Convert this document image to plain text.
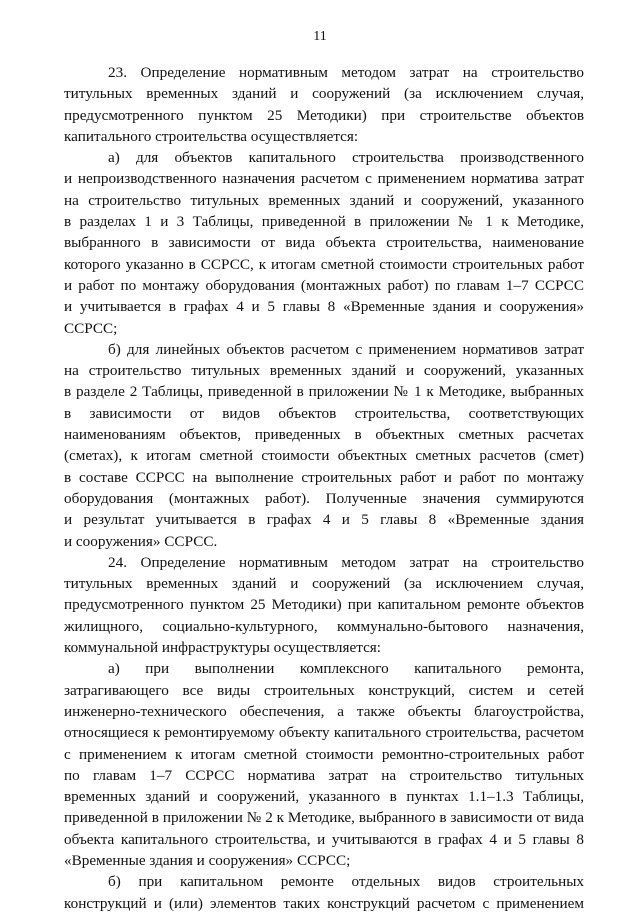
11
23. Определение нормативным методом затрат на строительство
титульных временных зданий и сооружений (за исключением случая,
предусмотренного пунктом 25 Методики) при строительстве объектов
капитального строительства осуществляется:
а) для объектов капитального строительства производственного
и непроизводственного назначения расчетом с применением норматива затрат
на строительство титульных временных зданий и сооружений, указанного
в разделах 1 и 3 Таблицы, приведенной в приложении № 1 к Методике,
выбранного в зависимости от вида объекта строительства, наименование
которого указанно в ССРСС, к итогам сметной стоимости строительных работ
и работ по монтажу оборудования (монтажных работ) по главам 1–7 ССРСС
и учитывается в графах 4 и 5 главы 8 «Временные здания и сооружения»
ССРСС;
б) для линейных объектов расчетом с применением нормативов затрат
на строительство титульных временных зданий и сооружений, указанных
в разделе 2 Таблицы, приведенной в приложении № 1 к Методике, выбранных
в зависимости от видов объектов строительства, соответствующих
наименованиям объектов, приведенных в объектных сметных расчетах
(сметах), к итогам сметной стоимости объектных сметных расчетов (смет)
в составе ССРСС на выполнение строительных работ и работ по монтажу
оборудования (монтажных работ). Полученные значения суммируются
и результат учитывается в графах 4 и 5 главы 8 «Временные здания
и сооружения» ССРСС.
24. Определение нормативным методом затрат на строительство
титульных временных зданий и сооружений (за исключением случая,
предусмотренного пунктом 25 Методики) при капитальном ремонте объектов
жилищного, социально-культурного, коммунально-бытового назначения,
коммунальной инфраструктуры осуществляется:
а) при выполнении комплексного капитального ремонта,
затрагивающего все виды строительных конструкций, систем и сетей
инженерно-технического обеспечения, а также объекты благоустройства,
относящиеся к ремонтируемому объекту капитального строительства, расчетом
с применением к итогам сметной стоимости ремонтно-строительных работ
по главам 1–7 ССРСС норматива затрат на строительство титульных
временных зданий и сооружений, указанного в пунктах 1.1–1.3 Таблицы,
приведенной в приложении № 2 к Методике, выбранного в зависимости от вида
объекта капитального строительства, и учитываются в графах 4 и 5 главы 8
«Временные здания и сооружения» ССРСС;
б) при капитальном ремонте отдельных видов строительных
конструкций и (или) элементов таких конструкций расчетом с применением
